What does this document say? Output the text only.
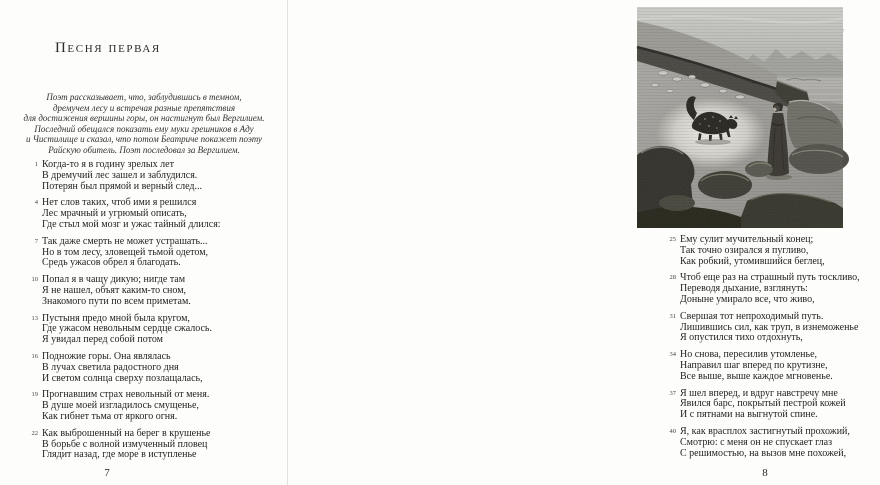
Песня первая
Поэт рассказывает, что, заблудившись в темном,
дремучем лесу и встречая разные препятствия
для достижения вершины горы, он настигнут был Вергилием.
Последний обещался показать ему муки грешников в Аду
и Чистилище и сказал, что потом Беатриче покажет поэту
Райскую обитель. Поэт последовал за Вергилием.
1 Когда-то я в годину зрелых лет
В дремучий лес зашел и заблудился.
Потерян был прямой и верный след...
4 Нет слов таких, чтоб ими я решился
Лес мрачный и угрюмый описать,
Где стыл мой мозг и ужас тайный длился:
7 Так даже смерть не может устрашать...
Но в том лесу, зловещей тьмой одетом,
Средь ужасов обрел я благодать.
10 Попал я в чащу дикую; нигде там
Я не нашел, объят каким-то сном,
Знакомого пути по всем приметам.
13 Пустыня предо мной была кругом,
Где ужасом невольным сердце сжалось.
Я увидал перед собой потом
16 Подножие горы. Она являлась
В лучах светила радостного дня
И светом солнца сверху позлащалась,
19 Прогнавшим страх невольный от меня.
В душе моей изгладилось смущенье,
Как гибнет тьма от яркого огня.
22 Как выброшенный на берег в крушенье
В борьбе с волной измученный пловец
Глядит назад, где море в иступленье
7
25 Ему сулит мучительный конец;
Так точно озирался я пугливо,
Как робкий, утомившийся беглец,
28 Чтоб еще раз на страшный путь тоскливо,
Переводя дыхание, взглянуть:
Доныне умирало все, что живо,
31 Свершая тот непроходимый путь.
Лишившись сил, как труп, в изнеможенье
Я опустился тихо отдохнуть,
34 Но снова, пересилив утомленье,
Направил шаг вперед по крутизне,
Все выше, выше каждое мгновенье.
37 Я шел вперед, и вдруг навстречу мне
Явился барс, покрытый пестрой кожей
И с пятнами на выгнутой спине.
40 Я, как врасплох застигнутый прохожий,
Смотрю: с меня он не спускает глаз
С решимостью, на вызов мне похожей,
8
